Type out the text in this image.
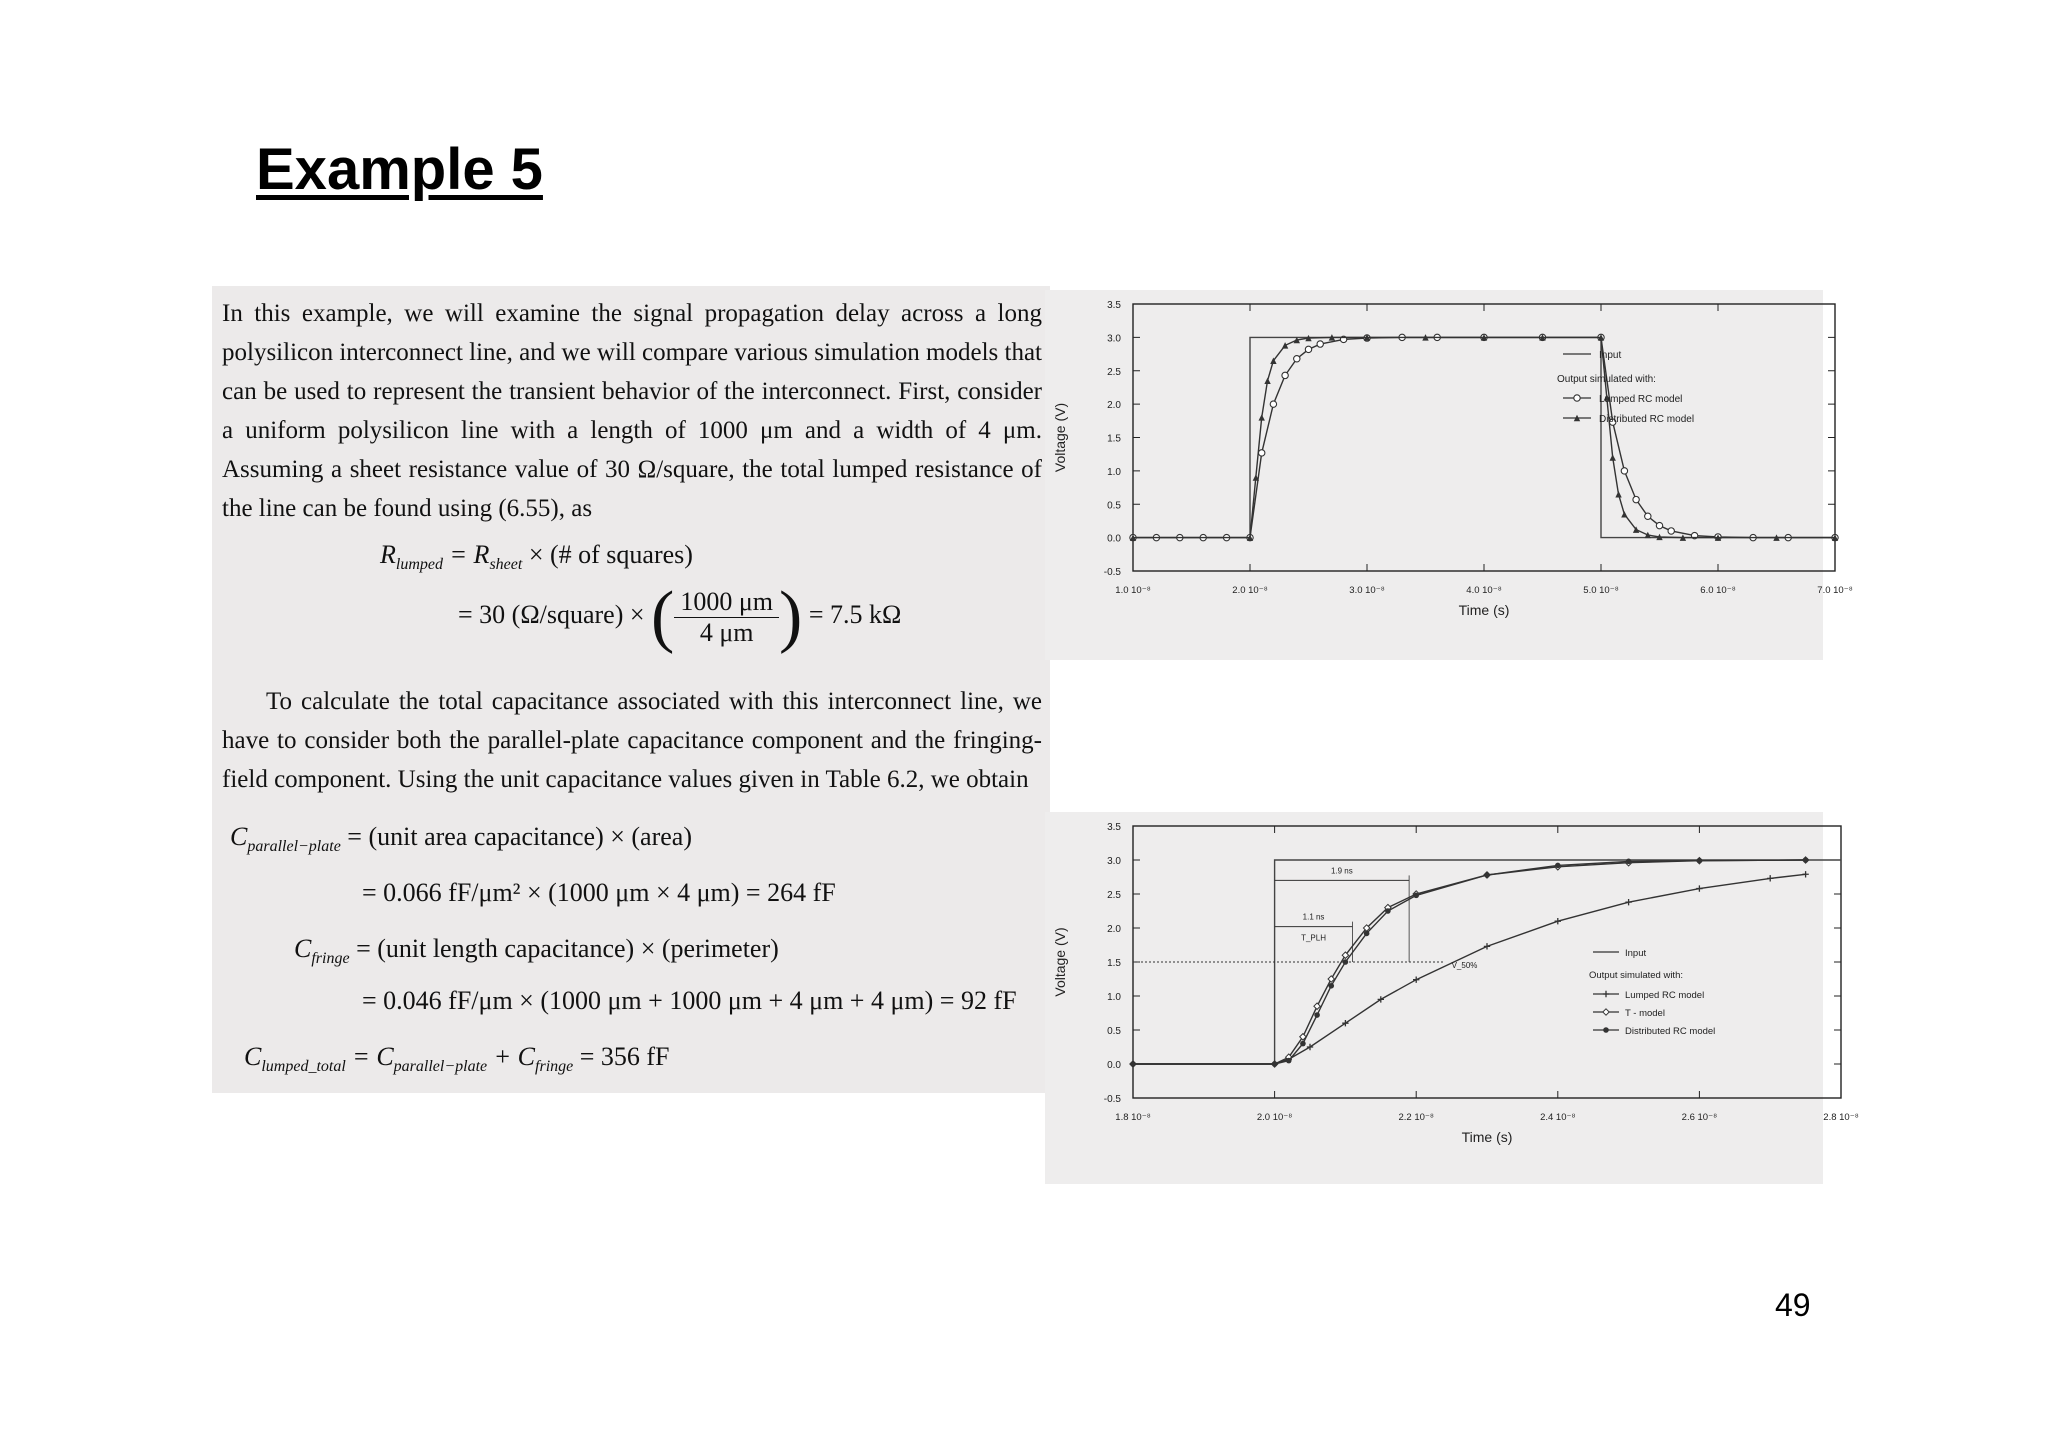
Example 5

In this example, we will examine the signal propagation delay across a long polysilicon interconnect line, and we will compare various simulation models that can be used to represent the transient behavior of the interconnect. First, consider a uniform polysilicon line with a length of 1000 μm and a width of 4 μm. Assuming a sheet resistance value of 30 Ω/square, the total lumped resistance of the line can be found using (6.55), as

$R_{lumped} = R_{sheet}$ × (# of squares)
= 30 (Ω/square) × ( $\frac{1000 \mu m}{4 \mu m}$ ) = 7.5 kΩ

To calculate the total capacitance associated with this interconnect line, we have to consider both the parallel-plate capacitance component and the fringing-field component. Using the unit capacitance values given in Table 6.2, we obtain

$C_{parallel-plate}$ = (unit area capacitance) × (area)
= 0.066 fF/μm² × (1000 μm × 4 μm) = 264 fF
$C_{fringe}$ = (unit length capacitance) × (perimeter)
= 0.046 fF/μm × (1000 μm + 1000 μm + 4 μm + 4 μm) = 92 fF
$C_{lumped\_total} = C_{parallel-plate} + C_{fringe} = 356$ fF
3.5
3.0
2.5
2.0
1.5
1.0
0.5
0.0
-0.5
1.0 10⁻⁸	2.0 10⁻⁸	3.0 10⁻⁸	4.0 10⁻⁸	5.0 10⁻⁸	6.0 10⁻⁸	7.0 10⁻⁸
Time (s)
Voltage (V)
Input
Output simulated with:
Lumped RC model
Distributed RC model
3.5
3.0
2.5
2.0
1.5
1.0
0.5
0.0
-0.5
1.8 10⁻⁸	2.0 10⁻⁸	2.2 10⁻⁸	2.4 10⁻⁸	2.6 10⁻⁸	2.8 10⁻⁸
Time (s)
Voltage (V)	V_50%
1.9 ns
1.1 ns
T_PLH
Input
Output simulated with:
Lumped RC model
T - model
Distributed RC model
49
